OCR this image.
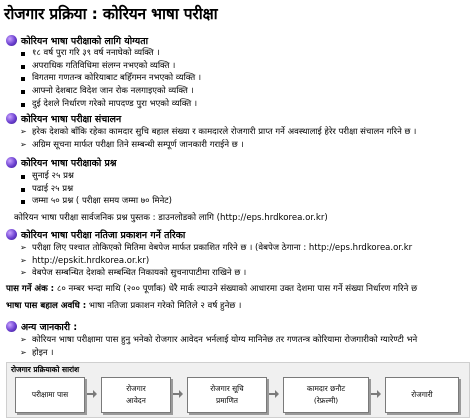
रोजगार प्रक्रिया : कोरियन भाषा परीक्षा
कोरियन भाषा परीक्षाको लागि योग्यता
१८ वर्ष पुरा गरि ३९ वर्ष ननाघेको व्यक्ति ।
अपराधिक गतिविधिमा संलग्न नभएको व्यक्ति ।
विगतमा गणतन्त्र कोरियाबाट बहिँगमन नभएको व्यक्ति ।
आफ्नो देशबाट विदेश जान रोक नलगाइएको व्यक्ति ।
दुई देशले निर्धारण गरेको मापदण्ड पुरा भएको व्यक्ति ।
कोरियन भाषा परीक्षा संचालन
➢ हरेक देशको बाँकि रहेका कामदार सुचि बहाल संख्या र कामदारले रोजगारी प्राप्त गर्ने अवस्थालाई हेरेर परीक्षा संचालन गरिने छ ।
➢ अग्रिम सूचना मार्फत परीक्षा तिने सम्बन्धी सम्पूर्ण जानकारी गराईने छ ।
कोरियन भाषा परीक्षाको प्रश्न
सुनाई २५ प्रश्न
पढाई २५ प्रश्न
जम्मा ५० प्रश्न ( परीक्षा समय जम्मा ७० मिनेट)
कोरियन भाषा परीक्षा सार्वजनिक प्रश्न पुस्तक : डाउनलोडको लागि (http://eps.hrdkorea.or.kr)
कोरियन भाषा परीक्षा नतिजा प्रकाशन गर्ने तरिका
➢ परीक्षा लिए पश्चात तोकिएको मितिमा वेबपेज मार्फत प्रकाशित गरिने छ । (वेबपेज ठेगाना : http://eps.hrdkorea.or.kr
➢ http://epskit.hrdkorea.or.kr)
➢ वेबपेज सम्बन्धित देशको सम्बन्धित निकायको सुचनापाटीमा राखिने छ ।
पास गर्ने अंक : ८० नम्बर भन्दा माथि (२०० पूर्णांक) धेरै मार्क ल्याउने संख्याको आधारमा उक्त देशमा पास गर्ने संख्या निर्धारण गरिने छ
भाषा पास बहाल अवधि : भाषा नतिजा प्रकाशन गरेको मितिले २ वर्ष हुनेछ ।
अन्य जानकारी :
➢ कोरियन भाषा परीक्षामा पास हुनु भनेको रोजगार आवेदन भर्नलाई योग्य मानिनेछ तर गणतन्त्र कोरियामा रोजगारीको ग्यारेण्टी भने
➢ होइन ।
रोजगार प्रक्रियाको सारांश
परीक्षामा पास
रोजगार
आवेदन
रोजगार सूचि
प्रमाणित
कामदार छनौट
(रेफ्रल्मी)
रोजगारी
